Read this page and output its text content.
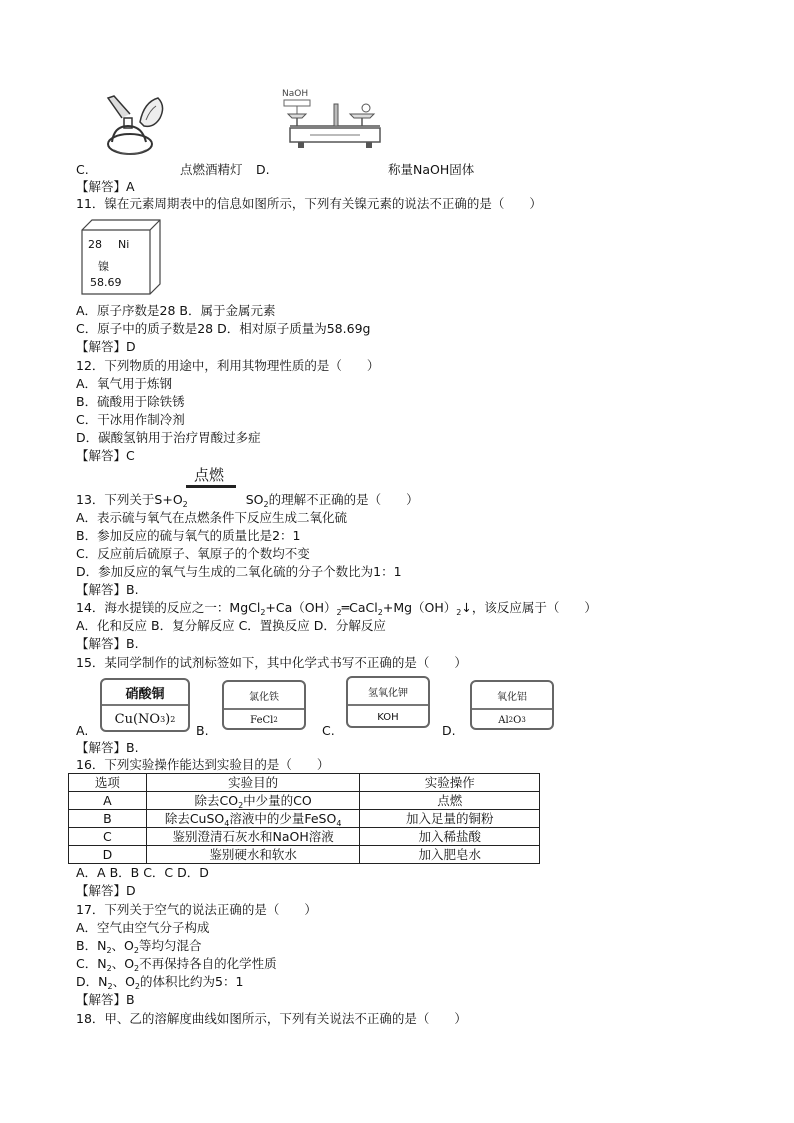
NaOH
C.	点燃酒精灯 D.	称量NaOH固体
【解答】A
11．镍在元素周期表中的信息如图所示，下列有关镍元素的说法不正确的是（　　）
28 Ni
镍
58.69
A．原子序数是28 B．属于金属元素
C．原子中的质子数是28 D．相对原子质量为58.69g
【解答】D
12．下列物质的用途中，利用其物理性质的是（　　）
A．氧气用于炼钢
B．硫酸用于除铁锈
C．干冰用作制冷剂
D．碳酸氢钠用于治疗胃酸过多症
【解答】C
点燃
13．下列关于$S+O_2$	$SO_2$的理解不正确的是（　　）
A．表示硫与氧气在点燃条件下反应生成二氧化硫
B．参加反应的硫与氧气的质量比是2：1
C．反应前后硫原子、氧原子的个数均不变
D．参加反应的氧气与生成的二氧化硫的分子个数比为1：1
【解答】B.
14．海水提镁的反应之一：$MgCl_2+Ca(OH)_2═CaCl_2+Mg(OH)_2↓$，该反应属于（　　）
A．化和反应 B．复分解反应 C．置换反应 D．分解反应
【解答】B.
15．某同学制作的试剂标签如下，其中化学式书写不正确的是（　　）
硝酸铜
Cu(NO 3 ) 2
氯化铁
FeCl 2
氢氧化钾
KOH
氧化铝
Al 2 O 3
A.	B.	C.	D.
【解答】B.
16．下列实验操作能达到实验目的是（　　）
选项	实验目的	实验操作
A	除去$CO_2$中少量的CO	点燃
B	除去CuSO$_4$溶液中的少量FeSO$_4$	加入足量的铜粉
C	鉴别澄清石灰水和NaOH溶液	加入稀盐酸
D	鉴别硬水和软水	加入肥皂水
A．A B．B C．C D．D
【解答】D
17．下列关于空气的说法正确的是（　　）
A．空气由空气分子构成
B．$N_2$、$O_2$等均匀混合
C．$N_2$、$O_2$不再保持各自的化学性质
D．$N_2$、$O_2$的体积比约为5：1
【解答】B
18．甲、乙的溶解度曲线如图所示，下列有关说法不正确的是（　　）
